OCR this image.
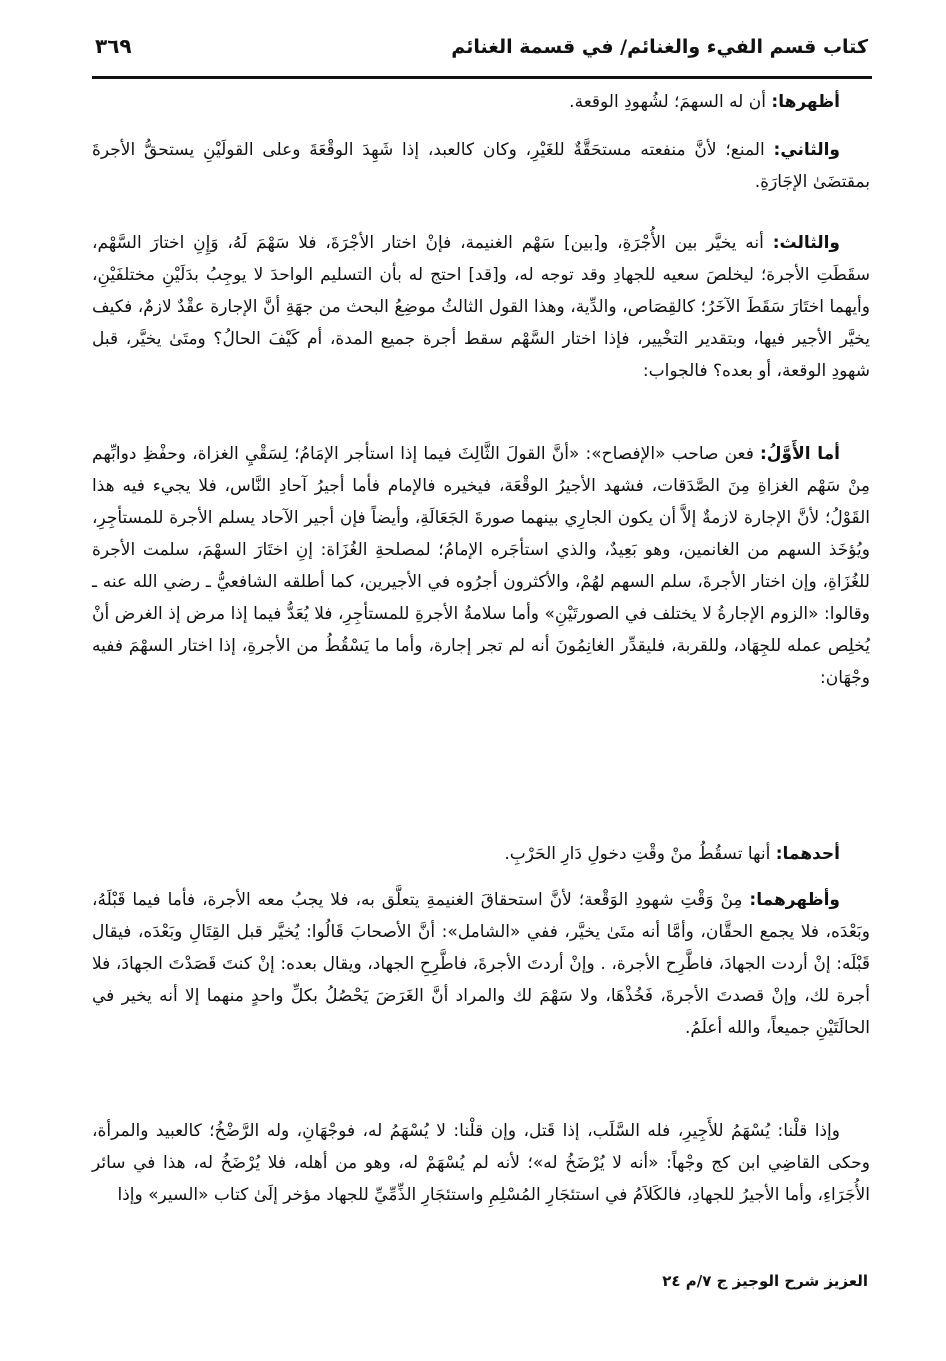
كتاب قسم الفيء والغنائم/ في قسمة الغنائم
٣٦٩

أظهرها: أن له السهمَ؛ لشُهودِ الوقعة.

والثاني: المنع؛ لأنَّ منفعته مستحَقَّةٌ للغَيْرِ، وكان كالعبد، إذا شَهِدَ الوقْعَةَ وعلى القولَيْنِ يستحقُّ الأجرةَ بمقتضَىٰ الإجَارَةِ.

والثالث: أنه يخيَّر بين الأُجْرَةِ، و[بين] سَهْم الغنيمة، فإنْ اختار الأجْرَةَ، فلا سَهْمَ لَهُ، وَإِنِ اختارَ السَّهْم، سقَطَتِ الأجرة؛ ليخلصَ سعيه للجهادِ وقد توجه له، و[قد] احتج له بأن التسليم الواحدَ لا يوجِبُ بدَلَيْنِ مختلفَيْنِ، وأيهما اختَارَ سَقَطَ الآخَرُ؛ كالقِصَاص، والدِّية، وهذا القول الثالثُ موضِعُ البحث من جهَةِ أنَّ الإجارة عقْدٌ لازمٌ، فكيف يخيَّر الأجير فيها، وبتقدير التخْيير، فإذا اختار السَّهْم سقط أجرة جميع المدة، أم كَيْفَ الحالُ؟ ومتَىٰ يخيَّر، قبل شهودِ الوقعة، أو بعده؟ فالجواب:

أما الأَوَّلُ: فعن صاحب «الإفصاح»: «أنَّ القولَ الثَّالِثَ فيما إذا استأجر الإمَامُ؛ لِسَقْيِ الغزاة، وحفْظِ دوابِّهم مِنْ سَهْم الغزاةِ مِنَ الصَّدَقات، فشهد الأجيرُ الوقْعَة، فيخيره فالإمام فأما أجيرُ آحادِ النَّاس، فلا يجيء فيه هذا القَوْلُ؛ لأنَّ الإجارة لازمةٌ إلاَّ أن يكون الجارِي بينهما صورةَ الجَعَالَةِ، وأيضاً فإن أجير الآحاد يسلم الأجرة للمستأجِرِ، ويُؤخَذ السهم من الغانمين، وهو بَعِيدٌ، والذي استأجَره الإمامُ؛ لمصلحةِ الغُزَاة: إنِ اختَارَ السهْمَ، سلمت الأجرة للغُزَاةِ، وإن اختار الأجرةَ، سلم السهم لهُمْ، والأكثرون أجرُوه في الأجيرين، كما أطلقه الشافعيُّ ـ رضي الله عنه ـ وقالوا: «الزوم الإجارةُ لا يختلف في الصورتَيْنِ» وأما سلامةُ الأجرةِ للمستأجِرِ، فلا يُعَدُّ فيما إذا مرض إذ الغرض أنْ يُخلِص عمله للجِهَاد، وللقربة، فليقدِّر الغانِمُونَ أنه لم تجر إجارة، وأما ما يَسْقُطُ من الأجرةِ، إذا اختار السهْمَ ففيه وجْهَان:

أحدهما: أنها تسقُطُ منْ وقْتِ دخولِ دَارِ الحَرْبِ.

وأظهرهما: مِنْ وَقْتِ شهودِ الوَقْعة؛ لأنَّ استحقاقَ الغنيمةِ يتعلَّق به، فلا يجبُ معه الأجرة، فأما فيما قَبْلَهُ، وبَعْدَه، فلا يجمع الحقَّان، وأمَّا أنه متَىٰ يخيَّر، ففي «الشامل»: أنَّ الأصحابَ قَالُوا: يُخيَّر قبل القِتَالِ وبَعْدَه، فيقال قَبْلَه: إنْ أردت الجهادَ، فاطَّرِح الأجرة، . وإنْ أردتَ الأجرةَ، فاطَّرِحِ الجهاد، ويقال بعده: إنْ كنتَ قَصَدْتَ الجهادَ، فلا أجرة لك، وإنْ قصدتَ الأجرةَ، فَخُذْهَا، ولا سَهْمَ لك والمراد أنَّ الغَرَضَ يَحْصُلُ بكلِّ واحدٍ منهما إلا أنه يخير في الحالَتَيْنِ جميعاً، والله أعلَمُ.

وإذا قلْنا: يُسْهَمُ للأَجِيرِ، فله السَّلَب، إذا قَتل، وإن قلْنا: لا يُسْهَمُ له، فوجْهَانِ، وله الرَّضْخُ؛ كالعبيد والمرأة، وحكى القاضِي ابن كج وجْهاً: «أنه لا يُرْضَخُ له»؛ لأنه لم يُسْهَمْ له، وهو من أهله، فلا يُرْضَخُ له، هذا في سائر الأُجَرَاءِ، وأما الأجيرُ للجهادِ، فالكَلاَمُ في استئجَارِ المُسْلِمِ واستئجَارِ الذِّمِّيِّ للجهاد مؤخر إلَىٰ كتاب «السير» وإذا

العزيز شرح الوجيز ج ٧/م ٢٤
